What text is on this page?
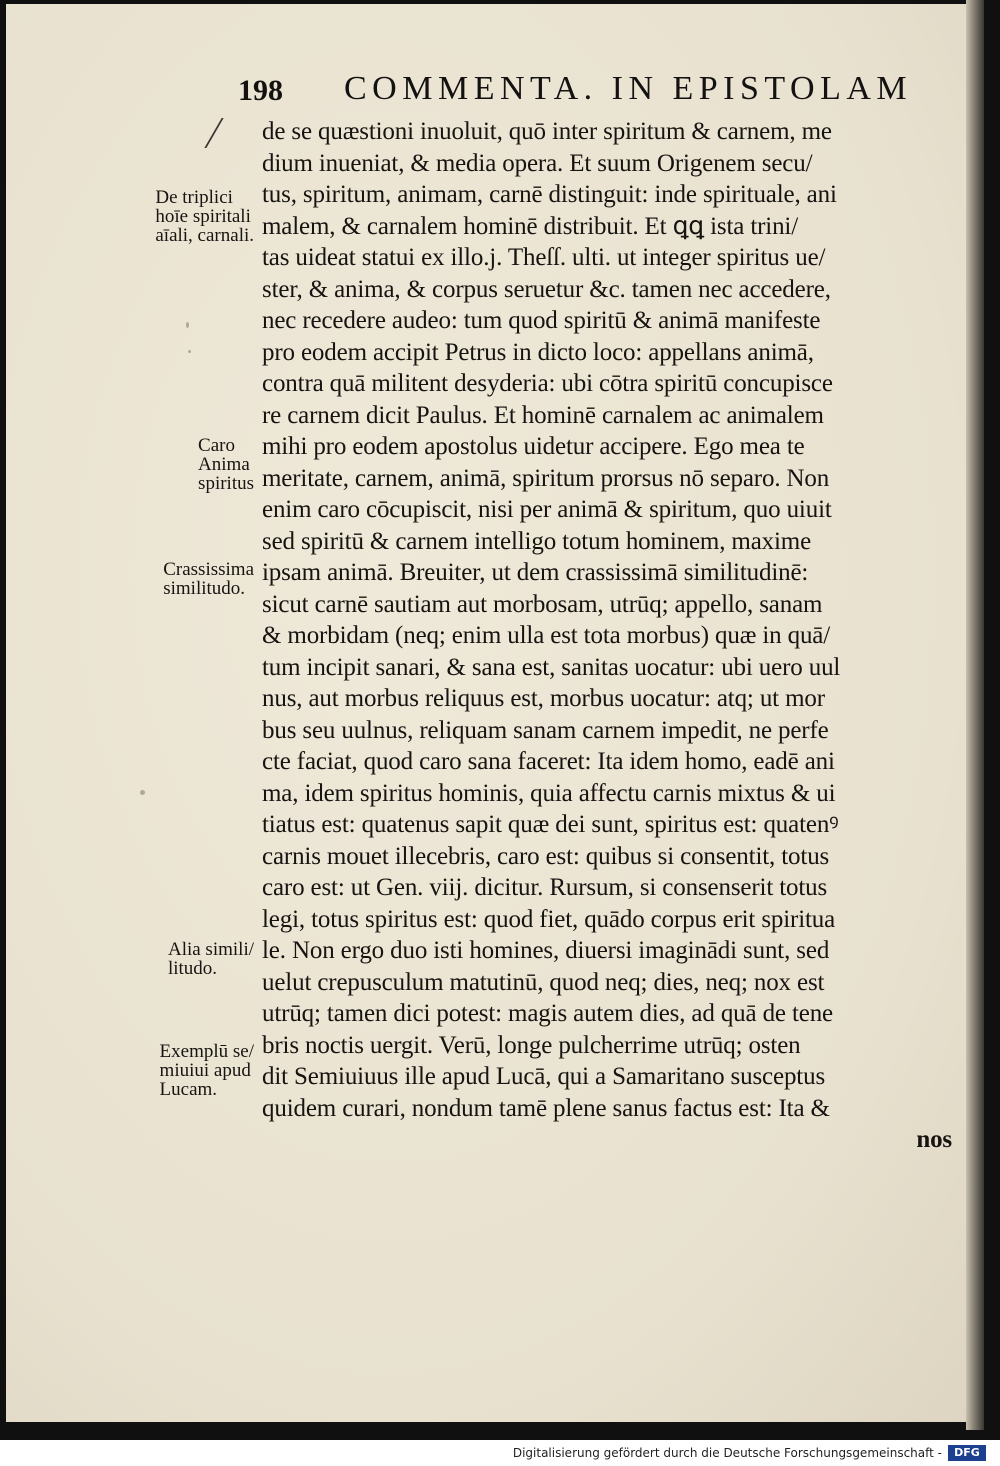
198 COMMENTA. IN EPISTOLAM
de se quæstioni inuoluit, quō inter spiritum & carnem, me
dium inueniat, & media opera. Et suum Origenem secu/
tus, spiritum, animam, carnē distinguit: inde spirituale, ani
malem, & carnalem hominē distribuit. Et ꝗꝗ ista trini/
tas uideat statui ex illo.j. Theſſ. ulti. ut integer spiritus ue/
ster, & anima, & corpus seruetur &c. tamen nec accedere,
nec recedere audeo: tum quod spiritū & animā manifeste
pro eodem accipit Petrus in dicto loco: appellans animā,
contra quā militent desyderia: ubi cōtra spiritū concupisce
re carnem dicit Paulus. Et hominē carnalem ac animalem
mihi pro eodem apostolus uidetur accipere. Ego mea te
meritate, carnem, animā, spiritum prorsus nō separo. Non
enim caro cōcupiscit, nisi per animā & spiritum, quo uiuit
sed spiritū & carnem intelligo totum hominem, maxime
ipsam animā. Breuiter, ut dem crassissimā similitudinē:
sicut carnē sautiam aut morbosam, utrūq; appello, sanam
& morbidam (neq; enim ulla est tota morbus) quæ in quā/
tum incipit sanari, & sana est, sanitas uocatur: ubi uero uul
nus, aut morbus reliquus est, morbus uocatur: atq; ut mor
bus seu uulnus, reliquam sanam carnem impedit, ne perfe
cte faciat, quod caro sana faceret: Ita idem homo, eadē ani
ma, idem spiritus hominis, quia affectu carnis mixtus & ui
tiatus est: quatenus sapit quæ dei sunt, spiritus est: quatenꝰ
carnis mouet illecebris, caro est: quibus si consentit, totus
caro est: ut Gen. viij. dicitur. Rursum, si consenserit totus
legi, totus spiritus est: quod fiet, quādo corpus erit spiritua
le. Non ergo duo isti homines, diuersi imaginādi sunt, sed
uelut crepusculum matutinū, quod neq; dies, neq; nox est
utrūq; tamen dici potest: magis autem dies, ad quā de tene
bris noctis uergit. Verū, longe pulcherrime utrūq; osten
dit Semiuiuus ille apud Lucā, qui a Samaritano susceptus
quidem curari, nondum tamē plene sanus factus est: Ita &
nos
De triplici
hoīe spiritali
aīali, carnali.
Caro
Anima
spiritus
Crassissima
similitudo.
Alia simili/
litudo.
Exemplū se/
miuiui apud
Lucam.
Digitalisierung gefördert durch die Deutsche Forschungsgemeinschaft -	DFG
